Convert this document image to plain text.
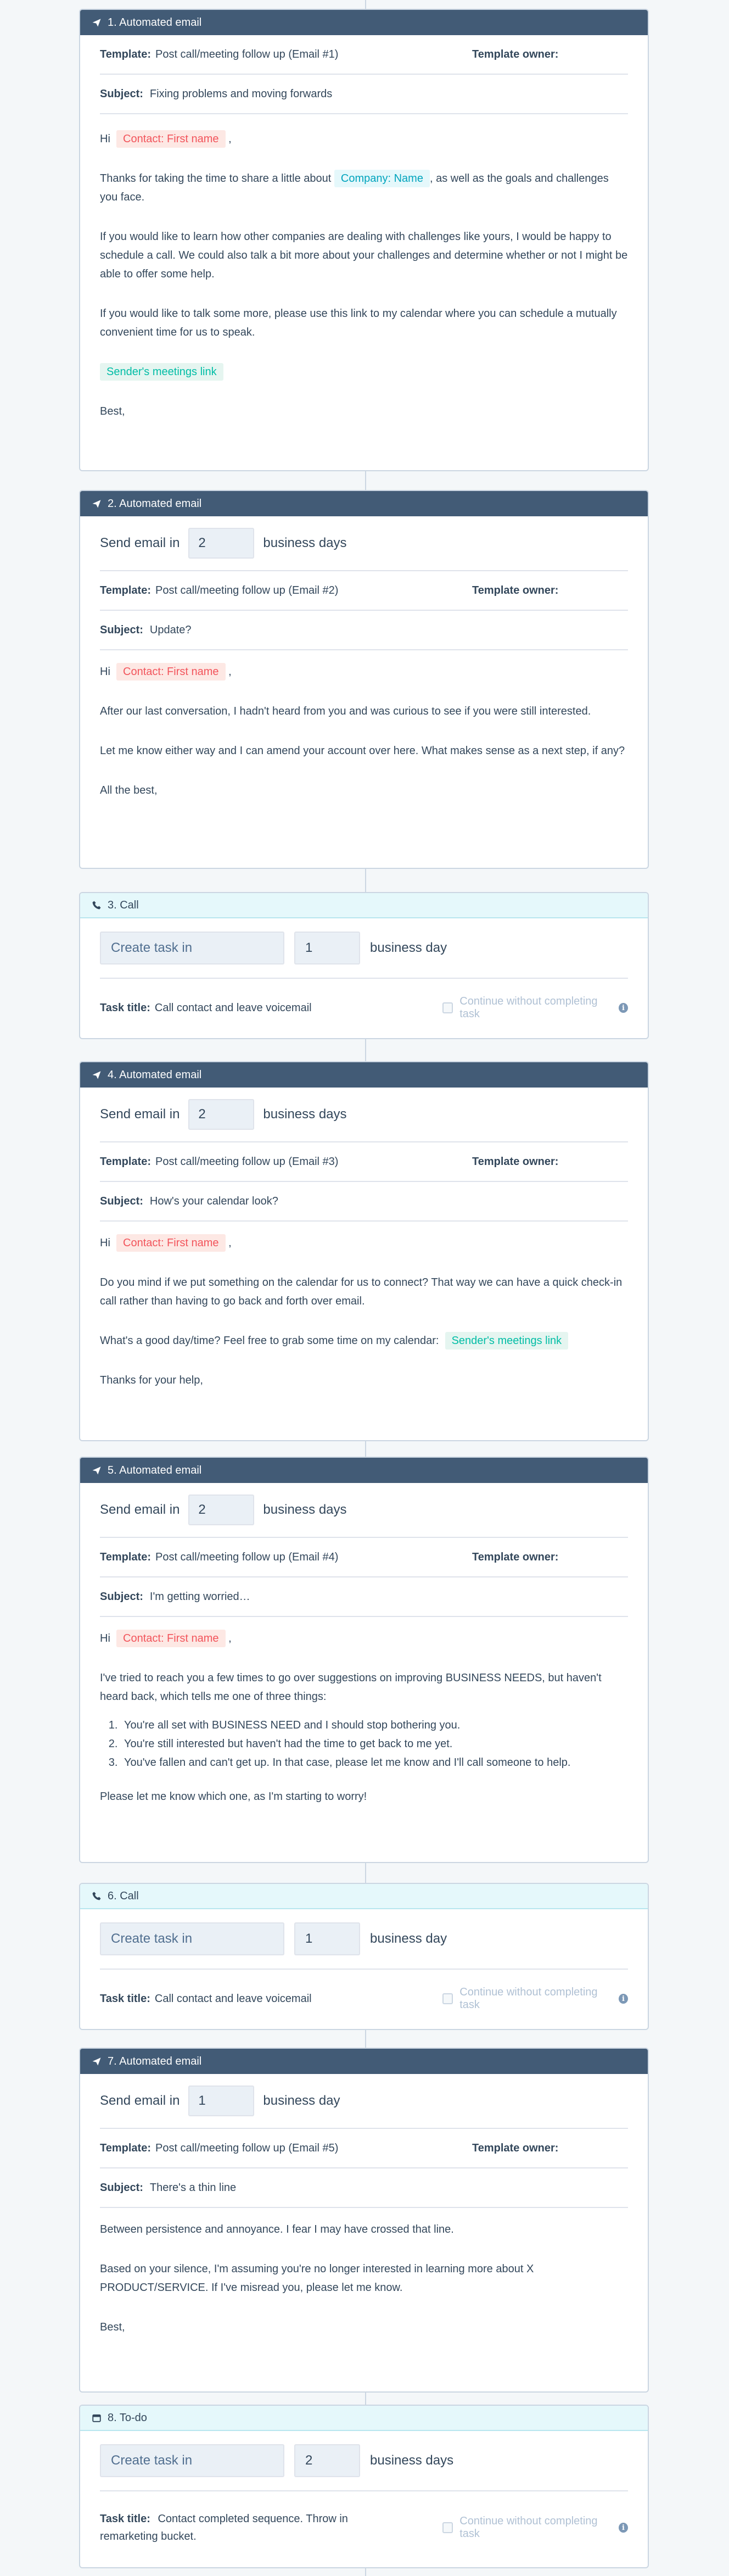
1. Automated email
Template: Post call/meeting follow up (Email #1)	Template owner:
Subject: Fixing problems and moving forwards

Hi Contact: First name ,

Thanks for taking the time to share a little about Company: Name , as well as the goals and challenges you face.

If you would like to learn how other companies are dealing with challenges like yours, I would be happy to schedule a call. We could also talk a bit more about your challenges and determine whether or not I might be able to offer some help.

If you would like to talk some more, please use this link to my calendar where you can schedule a mutually convenient time for us to speak.

Sender's meetings link

Best,

2. Automated email
Send email in	2	business days
Template: Post call/meeting follow up (Email #2)	Template owner:
Subject: Update?

Hi Contact: First name ,

After our last conversation, I hadn't heard from you and was curious to see if you were still interested.

Let me know either way and I can amend your account over here. What makes sense as a next step, if any?

All the best,

3. Call
Create task in	1	business day
Task title: Call contact and leave voicemail
Continue without completing task	i
4. Automated email
Send email in	2	business days
Template: Post call/meeting follow up (Email #3)	Template owner:
Subject: How's your calendar look?

Hi Contact: First name ,

Do you mind if we put something on the calendar for us to connect? That way we can have a quick check-in call rather than having to go back and forth over email.

What's a good day/time? Feel free to grab some time on my calendar: Sender's meetings link

Thanks for your help,

5. Automated email
Send email in	2	business days
Template: Post call/meeting follow up (Email #4)	Template owner:
Subject: I'm getting worried…

Hi Contact: First name ,

I've tried to reach you a few times to go over suggestions on improving BUSINESS NEEDS, but haven't heard back, which tells me one of three things:

1. You're all set with BUSINESS NEED and I should stop bothering you.
2. You're still interested but haven't had the time to get back to me yet.
3. You've fallen and can't get up. In that case, please let me know and I'll call someone to help.

Please let me know which one, as I'm starting to worry!

6. Call
Create task in	1	business day
Task title: Call contact and leave voicemail
Continue without completing task	i
7. Automated email
Send email in	1	business day
Template: Post call/meeting follow up (Email #5)	Template owner:
Subject: There's a thin line

Between persistence and annoyance. I fear I may have crossed that line.

Based on your silence, I'm assuming you're no longer interested in learning more about X PRODUCT/SERVICE. If I've misread you, please let me know.

Best,

8. To-do
Create task in	2	business days
Task title: Contact completed sequence. Throw in remarketing bucket.
Continue without completing task	i
